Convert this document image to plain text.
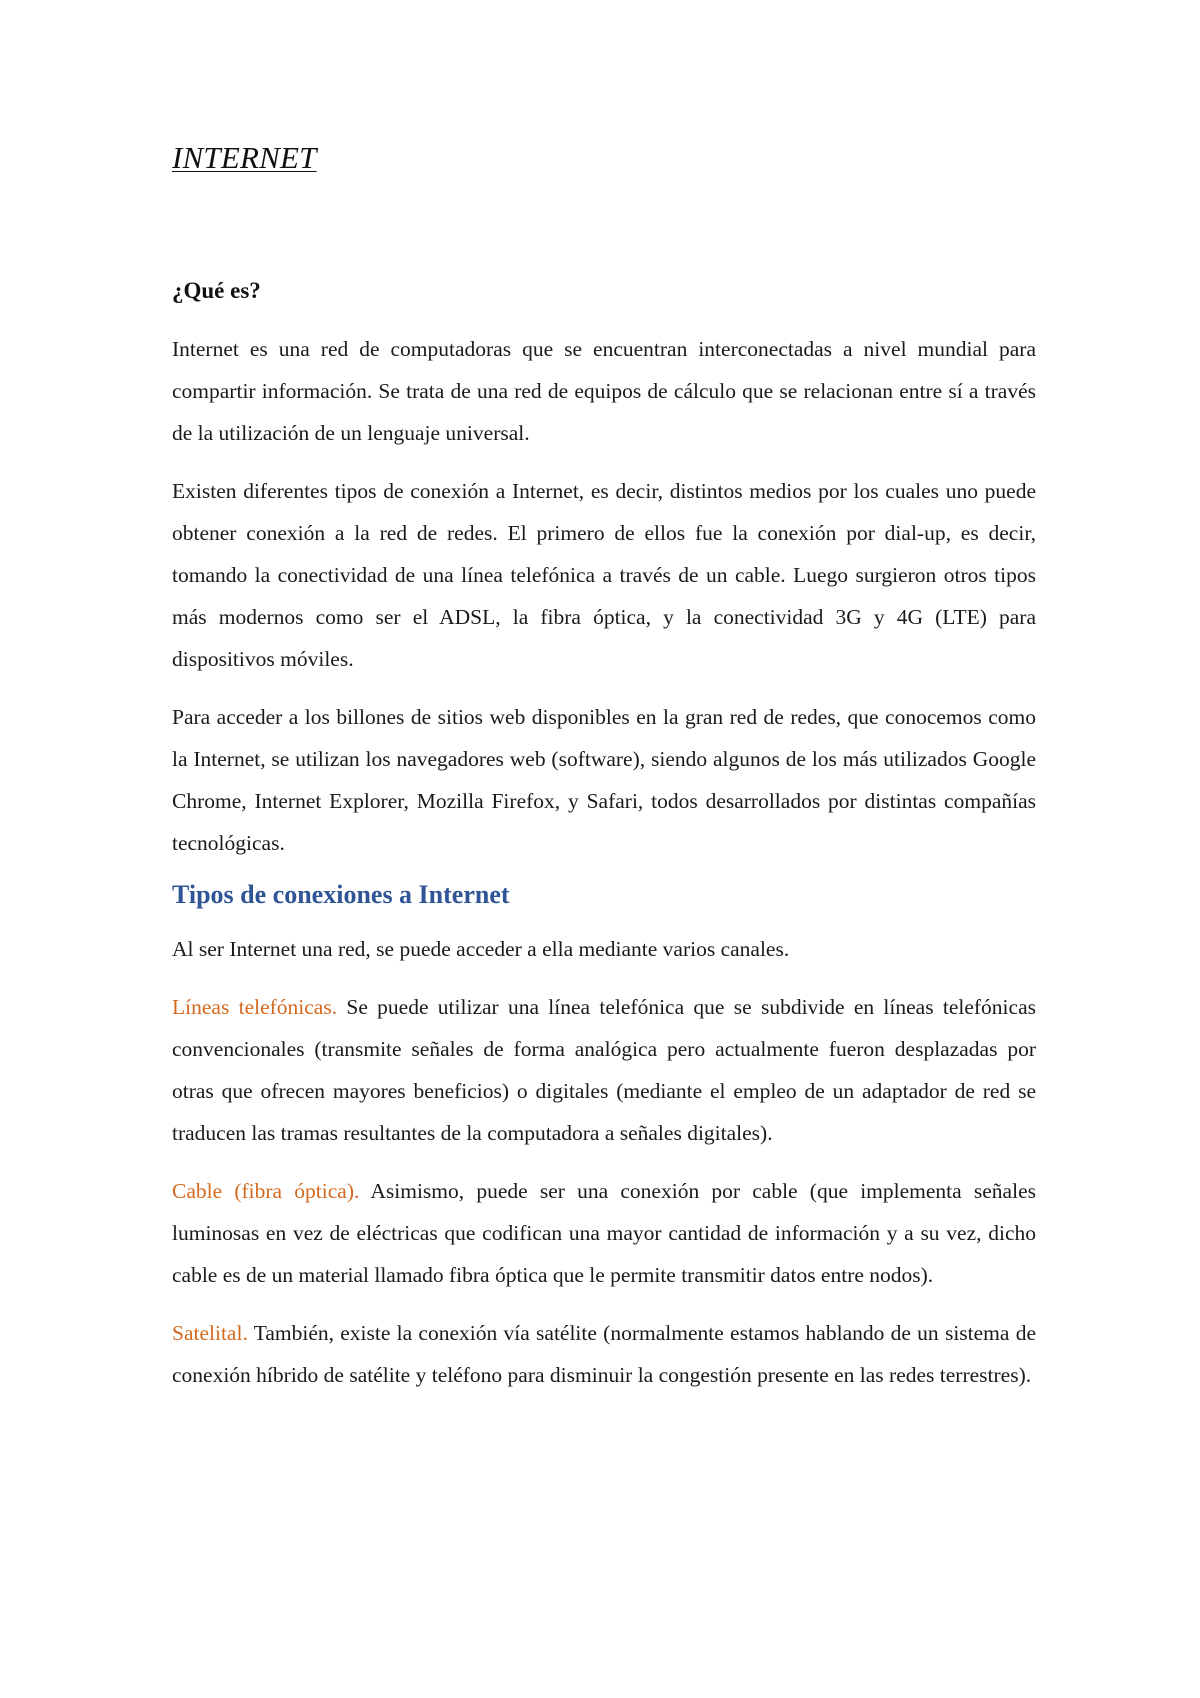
INTERNET
¿Qué es?

Internet es una red de computadoras que se encuentran interconectadas a nivel mundial para compartir información. Se trata de una red de equipos de cálculo que se relacionan entre sí a través de la utilización de un lenguaje universal.

Existen diferentes tipos de conexión a Internet, es decir, distintos medios por los cuales uno puede obtener conexión a la red de redes. El primero de ellos fue la conexión por dial-up, es decir, tomando la conectividad de una línea telefónica a través de un cable. Luego surgieron otros tipos más modernos como ser el ADSL, la fibra óptica, y la conectividad 3G y 4G (LTE) para dispositivos móviles.

Para acceder a los billones de sitios web disponibles en la gran red de redes, que conocemos como la Internet, se utilizan los navegadores web (software), siendo algunos de los más utilizados Google Chrome, Internet Explorer, Mozilla Firefox, y Safari, todos desarrollados por distintas compañías tecnológicas.

Tipos de conexiones a Internet

Al ser Internet una red, se puede acceder a ella mediante varios canales.

Líneas telefónicas. Se puede utilizar una línea telefónica que se subdivide en líneas telefónicas convencionales (transmite señales de forma analógica pero actualmente fueron desplazadas por otras que ofrecen mayores beneficios) o digitales (mediante el empleo de un adaptador de red se traducen las tramas resultantes de la computadora a señales digitales).

Cable (fibra óptica). Asimismo, puede ser una conexión por cable (que implementa señales luminosas en vez de eléctricas que codifican una mayor cantidad de información y a su vez, dicho cable es de un material llamado fibra óptica que le permite transmitir datos entre nodos).

Satelital. También, existe la conexión vía satélite (normalmente estamos hablando de un sistema de conexión híbrido de satélite y teléfono para disminuir la congestión presente en las redes terrestres).
